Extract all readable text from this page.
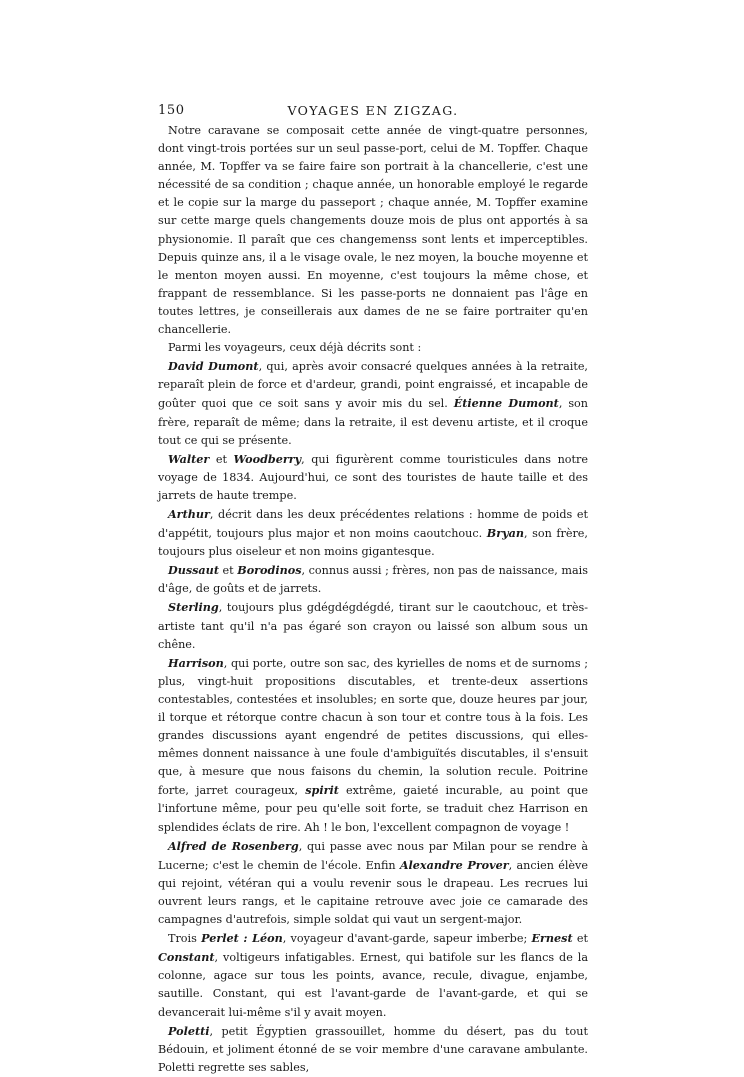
150	VOYAGES EN ZIGZAG.

Notre caravane se composait cette année de vingt-quatre personnes, dont vingt-trois portées sur un seul passe-port, celui de M. Topffer. Chaque année, M. Topffer va se faire faire son portrait à la chancellerie, c'est une nécessité de sa condition ; chaque année, un honorable employé le regarde et le copie sur la marge du passeport ; chaque année, M. Topffer examine sur cette marge quels changements douze mois de plus ont apportés à sa physionomie. Il paraît que ces changemenss sont lents et imperceptibles. Depuis quinze ans, il a le visage ovale, le nez moyen, la bouche moyenne et le menton moyen aussi. En moyenne, c'est toujours la même chose, et frappant de ressemblance. Si les passe-ports ne donnaient pas l'âge en toutes lettres, je conseillerais aux dames de ne se faire portraiter qu'en chancellerie.

Parmi les voyageurs, ceux déjà décrits sont :

David Dumont, qui, après avoir consacré quelques années à la retraite, reparaît plein de force et d'ardeur, grandi, point engraissé, et incapable de goûter quoi que ce soit sans y avoir mis du sel. Étienne Dumont, son frère, reparaît de même; dans la retraite, il est devenu artiste, et il croque tout ce qui se présente.

Walter et Woodberry, qui figurèrent comme touristicules dans notre voyage de 1834. Aujourd'hui, ce sont des touristes de haute taille et des jarrets de haute trempe.

Arthur, décrit dans les deux précédentes relations : homme de poids et d'appétit, toujours plus major et non moins caoutchouc. Bryan, son frère, toujours plus oiseleur et non moins gigantesque.

Dussaut et Borodinos, connus aussi ; frères, non pas de naissance, mais d'âge, de goûts et de jarrets.

Sterling, toujours plus gdégdégdégdé, tirant sur le caoutchouc, et très-artiste tant qu'il n'a pas égaré son crayon ou laissé son album sous un chêne.

Harrison, qui porte, outre son sac, des kyrielles de noms et de surnoms ; plus, vingt-huit propositions discutables, et trente-deux assertions contestables, contestées et insolubles; en sorte que, douze heures par jour, il torque et rétorque contre chacun à son tour et contre tous à la fois. Les grandes discussions ayant engendré de petites discussions, qui elles-mêmes donnent naissance à une foule d'ambiguïtés discutables, il s'ensuit que, à mesure que nous faisons du chemin, la solution recule. Poitrine forte, jarret courageux, spirit extrême, gaieté incurable, au point que l'infortune même, pour peu qu'elle soit forte, se traduit chez Harrison en splendides éclats de rire. Ah ! le bon, l'excellent compagnon de voyage !

Alfred de Rosenberg, qui passe avec nous par Milan pour se rendre à Lucerne; c'est le chemin de l'école. Enfin Alexandre Prover, ancien élève qui rejoint, vétéran qui a voulu revenir sous le drapeau. Les recrues lui ouvrent leurs rangs, et le capitaine retrouve avec joie ce camarade des campagnes d'autrefois, simple soldat qui vaut un sergent-major.

Trois Perlet : Léon, voyageur d'avant-garde, sapeur imberbe; Ernest et Constant, voltigeurs infatigables. Ernest, qui batifole sur les flancs de la colonne, agace sur tous les points, avance, recule, divague, enjambe, sautille. Constant, qui est l'avant-garde de l'avant-garde, et qui se devancerait lui-même s'il y avait moyen.

Poletti, petit Égyptien grassouillet, homme du désert, pas du tout Bédouin, et joliment étonné de se voir membre d'une caravane ambulante. Poletti regrette ses sables,
